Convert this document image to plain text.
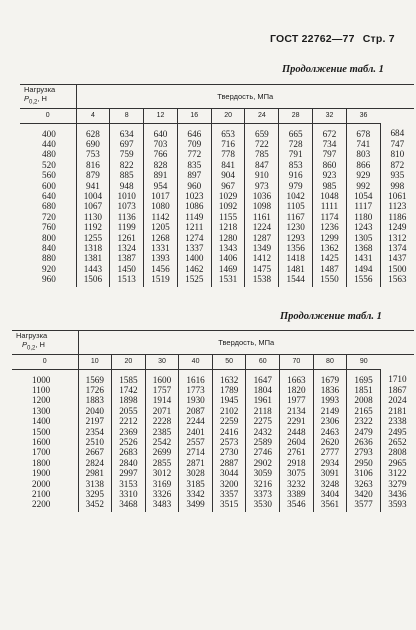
ГОСТ 22762—77 Стр. 7
Продолжение табл. 1
Нагрузка
$P_{0,2}$, Н	Твердость, МПа									
0	4	8	12	16	20	24	28	32	36	
400	628	634	640	646	653	659	665	672	678	684
440	690	697	703	709	716	722	728	734	741	747
480	753	759	766	772	778	785	791	797	803	810
520	816	822	828	835	841	847	853	860	866	872
560	879	885	891	897	904	910	916	923	929	935
600	941	948	954	960	967	973	979	985	992	998
640	1004	1010	1017	1023	1029	1036	1042	1048	1054	1061
680	1067	1073	1080	1086	1092	1098	1105	1111	1117	1123
720	1130	1136	1142	1149	1155	1161	1167	1174	1180	1186
760	1192	1199	1205	1211	1218	1224	1230	1236	1243	1249
800	1255	1261	1268	1274	1280	1287	1293	1299	1305	1312
840	1318	1324	1331	1337	1343	1349	1356	1362	1368	1374
880	1381	1387	1393	1400	1406	1412	1418	1425	1431	1437
920	1443	1450	1456	1462	1469	1475	1481	1487	1494	1500
960	1506	1513	1519	1525	1531	1538	1544	1550	1556	1563
Продолжение табл. 1
Нагрузка
$P_{0,2}$, Н	Твердость, МПа									
0	10	20	30	40	50	60	70	80	90	
1000	1569	1585	1600	1616	1632	1647	1663	1679	1695	1710
1100	1726	1742	1757	1773	1789	1804	1820	1836	1851	1867
1200	1883	1898	1914	1930	1945	1961	1977	1993	2008	2024
1300	2040	2055	2071	2087	2102	2118	2134	2149	2165	2181
1400	2197	2212	2228	2244	2259	2275	2291	2306	2322	2338
1500	2354	2369	2385	2401	2416	2432	2448	2463	2479	2495
1600	2510	2526	2542	2557	2573	2589	2604	2620	2636	2652
1700	2667	2683	2699	2714	2730	2746	2761	2777	2793	2808
1800	2824	2840	2855	2871	2887	2902	2918	2934	2950	2965
1900	2981	2997	3012	3028	3044	3059	3075	3091	3106	3122
2000	3138	3153	3169	3185	3200	3216	3232	3248	3263	3279
2100	3295	3310	3326	3342	3357	3373	3389	3404	3420	3436
2200	3452	3468	3483	3499	3515	3530	3546	3561	3577	3593
